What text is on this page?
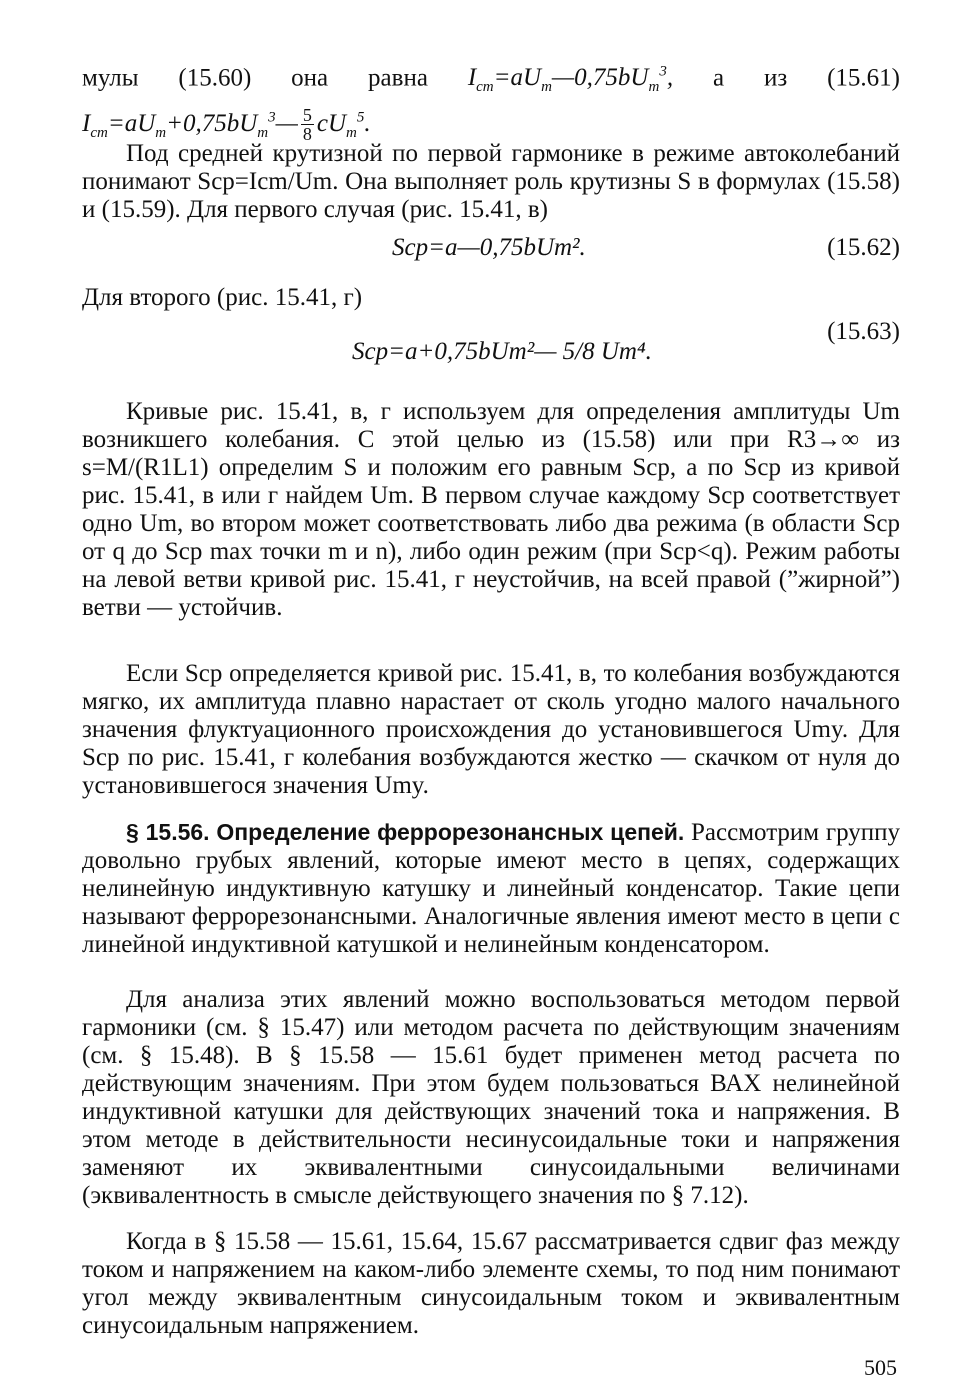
мулы (15.60) она равна $I_{cm}=aU_m—0,75bU_m^3$, а из (15.61)
$I_{cm}=aU_m+0,75bU_m^3— \frac{5}{8} cU_m^5$.

Под средней крутизной по первой гармонике в режиме автоколебаний понимают Sср=Iсm/Um. Она выполняет роль крутизны S в формулах (15.58) и (15.59). Для первого случая (рис. 15.41, в)

Sср=a—0,75bUm².	(15.62)

Для второго (рис. 15.41, г)

Sср=a+0,75bUm²— 5/8 Um⁴.
(15.63)

Кривые рис. 15.41, в, г используем для определения амплитуды Um возникшего колебания. С этой целью из (15.58) или при R3→∞ из s=M/(R1L1) определим S и положим его равным Sср, а по Sср из кривой рис. 15.41, в или г найдем Um. В первом случае каждому Sср соответствует одно Um, во втором может соответствовать либо два режима (в области Sср от q до Sср max точки m и n), либо один режим (при Sср<q). Режим работы на левой ветви кривой рис. 15.41, г неустойчив, на всей правой (”жирной”) ветви — устойчив.

Если Sср определяется кривой рис. 15.41, в, то колебания возбуждаются мягко, их амплитуда плавно нарастает от сколь угодно малого начального значения флуктуационного происхождения до установившегося Umy. Для Sср по рис. 15.41, г колебания возбуждаются жестко — скачком от нуля до установившегося значения Umy.

§ 15.56. Определение феррорезонансных цепей. Рассмотрим группу довольно грубых явлений, которые имеют место в цепях, содержащих нелинейную индуктивную катушку и линейный конденсатор. Такие цепи называют феррорезонансными. Аналогичные явления имеют место в цепи с линейной индуктивной катушкой и нелинейным конденсатором.

Для анализа этих явлений можно воспользоваться методом первой гармоники (см. § 15.47) или методом расчета по действующим значениям (см. § 15.48). В § 15.58 — 15.61 будет применен метод расчета по действующим значениям. При этом будем пользоваться ВАХ нелинейной индуктивной катушки для действующих значений тока и напряжения. В этом методе в действительности несинусоидальные токи и напряжения заменяют их эквивалентными синусоидальными величинами (эквивалентность в смысле действующего значения по § 7.12).

Когда в § 15.58 — 15.61, 15.64, 15.67 рассматривается сдвиг фаз между током и напряжением на каком-либо элементе схемы, то под ним понимают угол между эквивалентным синусоидальным током и эквивалентным синусоидальным напряжением.

505
